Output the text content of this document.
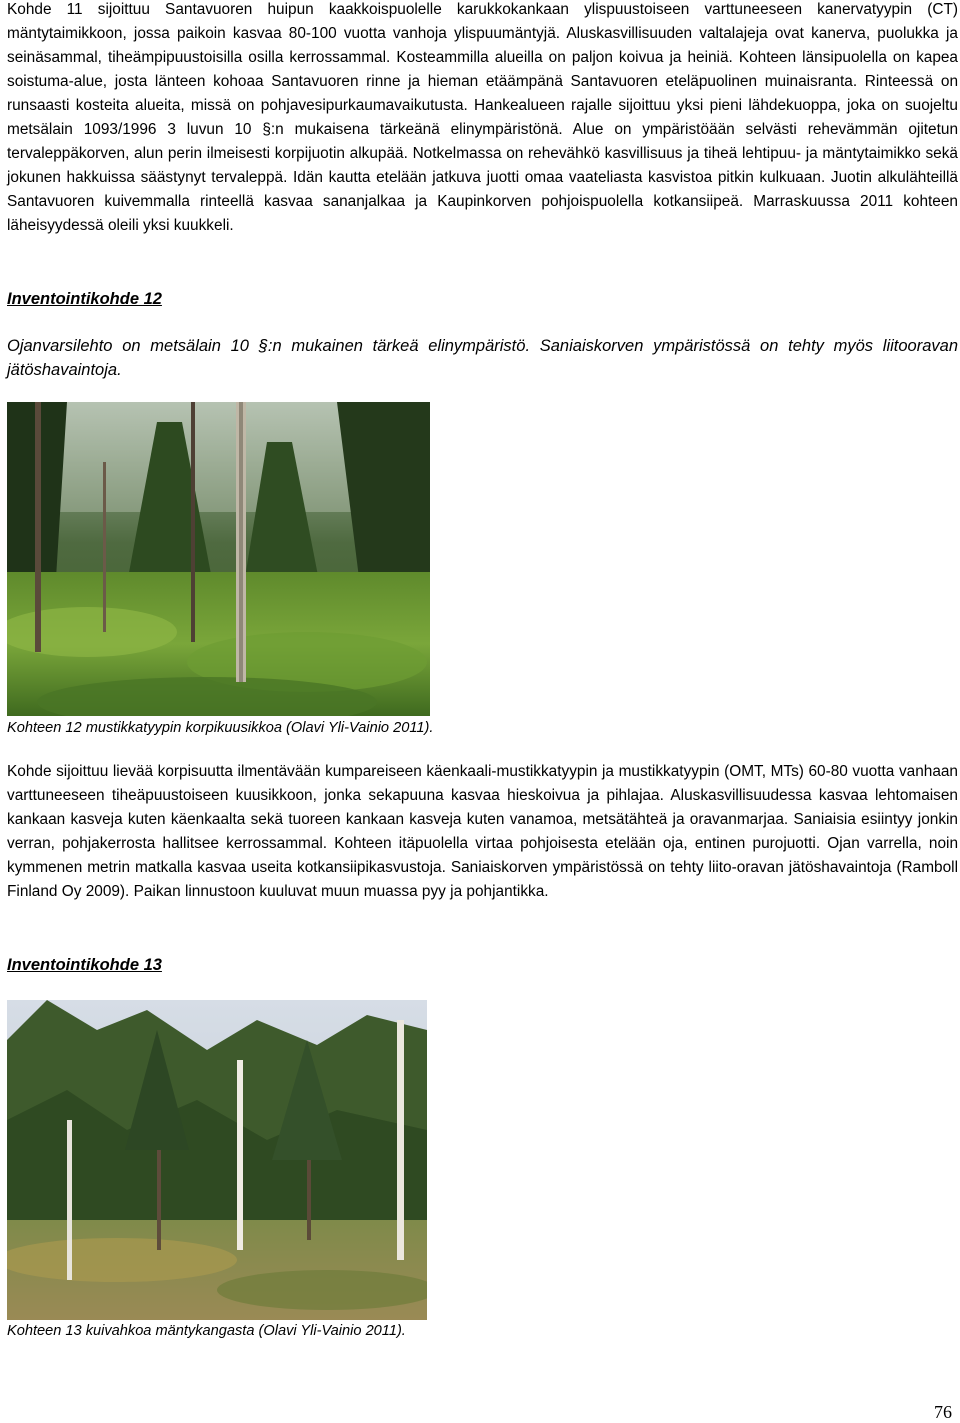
Kohde 11 sijoittuu Santavuoren huipun kaakkoispuolelle karukkokankaan ylispuustoiseen varttuneeseen kanervatyypin (CT) mäntytaimikkoon, jossa paikoin kasvaa 80-100 vuotta vanhoja ylispuumäntyjä. Aluskasvillisuuden valtalajeja ovat kanerva, puolukka ja seinäsammal, tiheämpipuustoisilla osilla kerrossammal. Kosteammilla alueilla on paljon koivua ja heiniä. Kohteen länsipuolella on kapea soistuma-alue, josta länteen kohoaa Santavuoren rinne ja hieman etäämpänä Santavuoren eteläpuolinen muinaisranta. Rinteessä on runsaasti kosteita alueita, missä on pohjavesipurkaumavaikutusta. Hankealueen rajalle sijoittuu yksi pieni lähdekuoppa, joka on suojeltu metsälain 1093/1996 3 luvun 10 §:n mukaisena tärkeänä elinympäristönä. Alue on ympäristöään selvästi rehevämmän ojitetun tervaleppäkorven, alun perin ilmeisesti korpijuotin alkupää. Notkelmassa on rehevähkö kasvillisuus ja tiheä lehtipuu- ja mäntytaimikko sekä jokunen hakkuissa säästynyt tervaleppä. Idän kautta etelään jatkuva juotti omaa vaateliasta kasvistoa pitkin kulkuaan. Juotin alkulähteillä Santavuoren kuivemmalla rinteellä kasvaa sananjalkaa ja Kaupinkorven pohjoispuolella kotkansiipeä. Marraskuussa 2011 kohteen läheisyydessä oleili yksi kuukkeli.

Inventointikohde 12

Ojanvarsilehto on metsälain 10 §:n mukainen tärkeä elinympäristö. Saniaiskorven ympäristössä on tehty myös liitooravan jätöshavaintoja.

Kohteen 12 mustikkatyypin korpikuusikkoa (Olavi Yli-Vainio 2011).

Kohde sijoittuu lievää korpisuutta ilmentävään kumpareiseen käenkaali-mustikkatyypin ja mustikkatyypin (OMT, MTs) 60-80 vuotta vanhaan varttuneeseen tiheäpuustoiseen kuusikkoon, jonka sekapuuna kasvaa hieskoivua ja pihlajaa. Aluskasvillisuudessa kasvaa lehtomaisen kankaan kasveja kuten käenkaalta sekä tuoreen kankaan kasveja kuten vanamoa, metsätähteä ja oravanmarjaa. Saniaisia esiintyy jonkin verran, pohjakerrosta hallitsee kerrossammal. Kohteen itäpuolella virtaa pohjoisesta etelään oja, entinen purojuotti. Ojan varrella, noin kymmenen metrin matkalla kasvaa useita kotkansiipikasvustoja. Saniaiskorven ympäristössä on tehty liito-oravan jätöshavaintoja (Ramboll Finland Oy 2009). Paikan linnustoon kuuluvat muun muassa pyy ja pohjantikka.

Inventointikohde 13

Kohteen 13 kuivahkoa mäntykangasta (Olavi Yli-Vainio 2011).

76
